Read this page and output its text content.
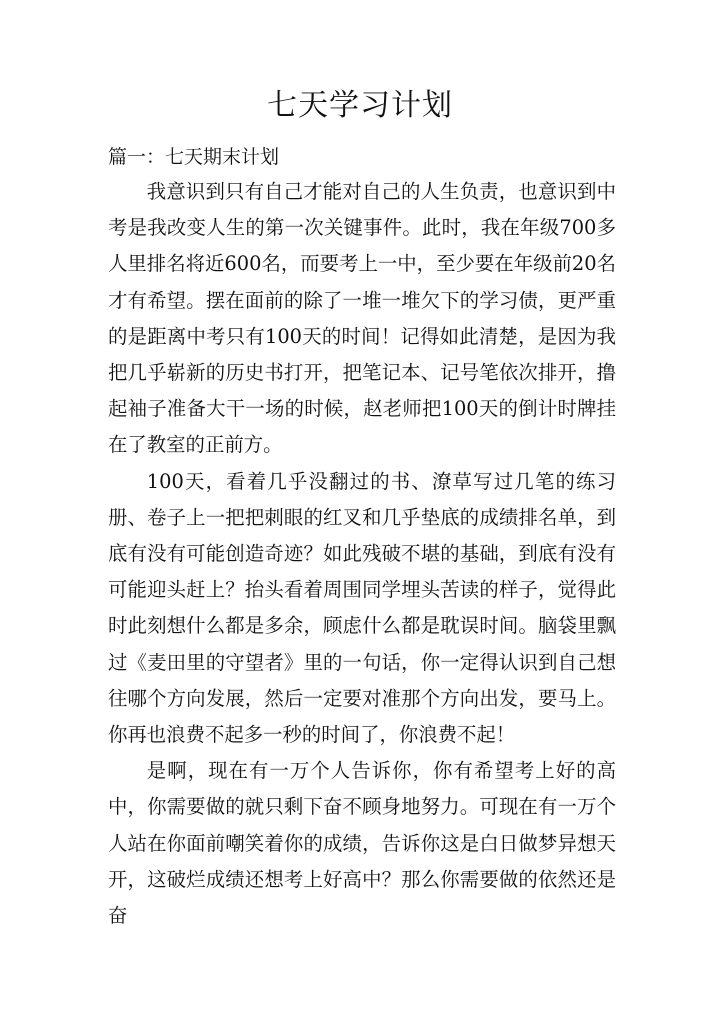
七天学习计划
篇一：七天期末计划

我意识到只有自己才能对自己的人生负责，也意识到中考是我改变人生的第一次关键事件。此时，我在年级700多人里排名将近600名，而要考上一中，至少要在年级前20名才有希望。摆在面前的除了一堆一堆欠下的学习债，更严重的是距离中考只有100天的时间！记得如此清楚，是因为我把几乎崭新的历史书打开，把笔记本、记号笔依次排开，撸起袖子准备大干一场的时候，赵老师把100天的倒计时牌挂在了教室的正前方。

100天，看着几乎没翻过的书、潦草写过几笔的练习册、卷子上一把把刺眼的红叉和几乎垫底的成绩排名单，到底有没有可能创造奇迹？如此残破不堪的基础，到底有没有可能迎头赶上？抬头看着周围同学埋头苦读的样子，觉得此时此刻想什么都是多余，顾虑什么都是耽误时间。脑袋里飘过《麦田里的守望者》里的一句话，你一定得认识到自己想往哪个方向发展，然后一定要对准那个方向出发，要马上。你再也浪费不起多一秒的时间了，你浪费不起！

是啊，现在有一万个人告诉你，你有希望考上好的高中，你需要做的就只剩下奋不顾身地努力。可现在有一万个人站在你面前嘲笑着你的成绩，告诉你这是白日做梦异想天开，这破烂成绩还想考上好高中？那么你需要做的依然还是奋
